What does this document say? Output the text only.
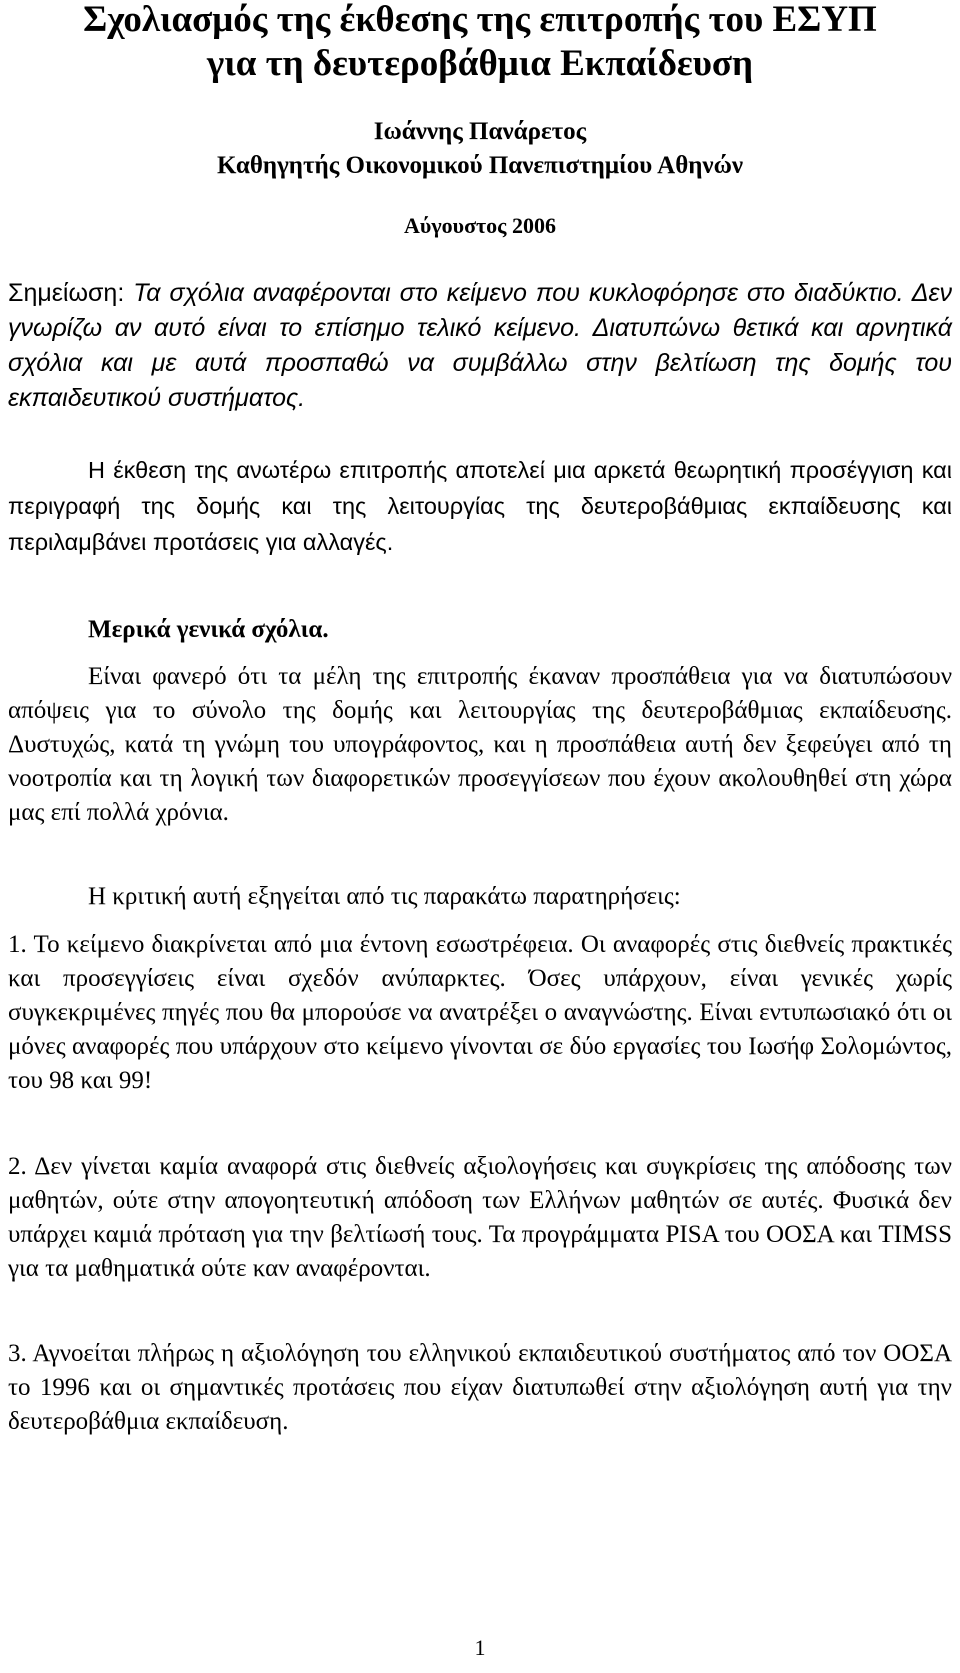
Σχολιασμός της έκθεσης της επιτροπής του ΕΣΥΠ
για τη δευτεροβάθμια Εκπαίδευση
Ιωάννης Πανάρετος
Καθηγητής Οικονομικού Πανεπιστημίου Αθηνών
Αύγουστος 2006
Σημείωση: Τα σχόλια αναφέρονται στο κείμενο που κυκλοφόρησε στο διαδύκτιο. Δεν γνωρίζω αν αυτό είναι το επίσημο τελικό κείμενο. Διατυπώνω θετικά και αρνητικά σχόλια και με αυτά προσπαθώ να συμβάλλω στην βελτίωση της δομής του εκπαιδευτικού συστήματος.
Η έκθεση της ανωτέρω επιτροπής αποτελεί μια αρκετά θεωρητική προσέγγιση και περιγραφή της δομής και της λειτουργίας της δευτεροβάθμιας εκπαίδευσης και περιλαμβάνει προτάσεις για αλλαγές.
Μερικά γενικά σχόλια.
Είναι φανερό ότι τα μέλη της επιτροπής έκαναν προσπάθεια για να διατυπώσουν απόψεις για το σύνολο της δομής και λειτουργίας της δευτεροβάθμιας εκπαίδευσης. Δυστυχώς, κατά τη γνώμη του υπογράφοντος, και η προσπάθεια αυτή δεν ξεφεύγει από τη νοοτροπία και τη λογική των διαφορετικών προσεγγίσεων που έχουν ακολουθηθεί στη χώρα μας επί πολλά χρόνια.
Η κριτική αυτή εξηγείται από τις παρακάτω παρατηρήσεις:
1. Το κείμενο διακρίνεται από μια έντονη εσωστρέφεια. Οι αναφορές στις διεθνείς πρακτικές και προσεγγίσεις είναι σχεδόν ανύπαρκτες. Όσες υπάρχουν, είναι γενικές χωρίς συγκεκριμένες πηγές που θα μπορούσε να ανατρέξει ο αναγνώστης. Είναι εντυπωσιακό ότι οι μόνες αναφορές που υπάρχουν στο κείμενο γίνονται σε δύο εργασίες του Ιωσήφ Σολομώντος, του 98 και 99!
2. Δεν γίνεται καμία αναφορά στις διεθνείς αξιολογήσεις και συγκρίσεις της απόδοσης των μαθητών, ούτε στην απογοητευτική απόδοση των Ελλήνων μαθητών σε αυτές. Φυσικά δεν υπάρχει καμιά πρόταση για την βελτίωσή τους. Τα προγράμματα PISA του ΟΟΣΑ και TIMSS για τα μαθηματικά ούτε καν αναφέρονται.
3. Αγνοείται πλήρως η αξιολόγηση του ελληνικού εκπαιδευτικού συστήματος από τον ΟΟΣΑ το 1996 και οι σημαντικές προτάσεις που είχαν διατυπωθεί στην αξιολόγηση αυτή για την δευτεροβάθμια εκπαίδευση.
1
